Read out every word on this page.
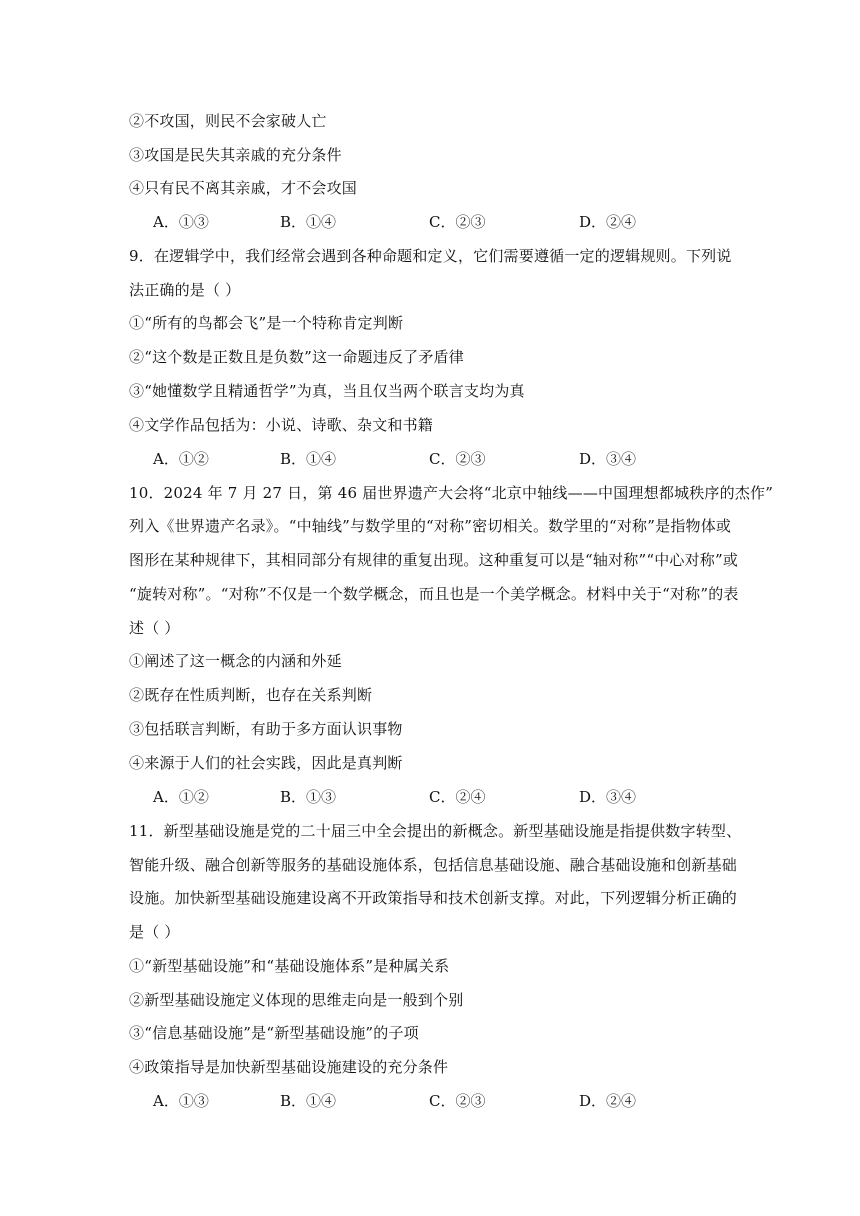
②不攻国，则民不会家破人亡
③攻国是民失其亲戚的充分条件
④只有民不离其亲戚，才不会攻国
A．①③	B．①④	C．②③	D．②④
9．在逻辑学中，我们经常会遇到各种命题和定义，它们需要遵循一定的逻辑规则。下列说
法正确的是（ ）
①“所有的鸟都会飞”是一个特称肯定判断
②“这个数是正数且是负数”这一命题违反了矛盾律
③“她懂数学且精通哲学”为真，当且仅当两个联言支均为真
④文学作品包括为：小说、诗歌、杂文和书籍
A．①②	B．①④	C．②③	D．③④
10．2024 年 7 月 27 日，第 46 届世界遗产大会将“北京中轴线——中国理想都城秩序的杰作”
列入《世界遗产名录》。“中轴线”与数学里的“对称”密切相关。数学里的“对称”是指物体或
图形在某种规律下，其相同部分有规律的重复出现。这种重复可以是“轴对称”“中心对称”或
“旋转对称”。“对称”不仅是一个数学概念，而且也是一个美学概念。材料中关于“对称”的表
述（ ）
①阐述了这一概念的内涵和外延
②既存在性质判断，也存在关系判断
③包括联言判断，有助于多方面认识事物
④来源于人们的社会实践，因此是真判断
A．①②	B．①③	C．②④	D．③④
11．新型基础设施是党的二十届三中全会提出的新概念。新型基础设施是指提供数字转型、
智能升级、融合创新等服务的基础设施体系，包括信息基础设施、融合基础设施和创新基础
设施。加快新型基础设施建设离不开政策指导和技术创新支撑。对此，下列逻辑分析正确的
是（ ）
①“新型基础设施”和“基础设施体系”是种属关系
②新型基础设施定义体现的思维走向是一般到个别
③“信息基础设施”是“新型基础设施”的子项
④政策指导是加快新型基础设施建设的充分条件
A．①③	B．①④	C．②③	D．②④
